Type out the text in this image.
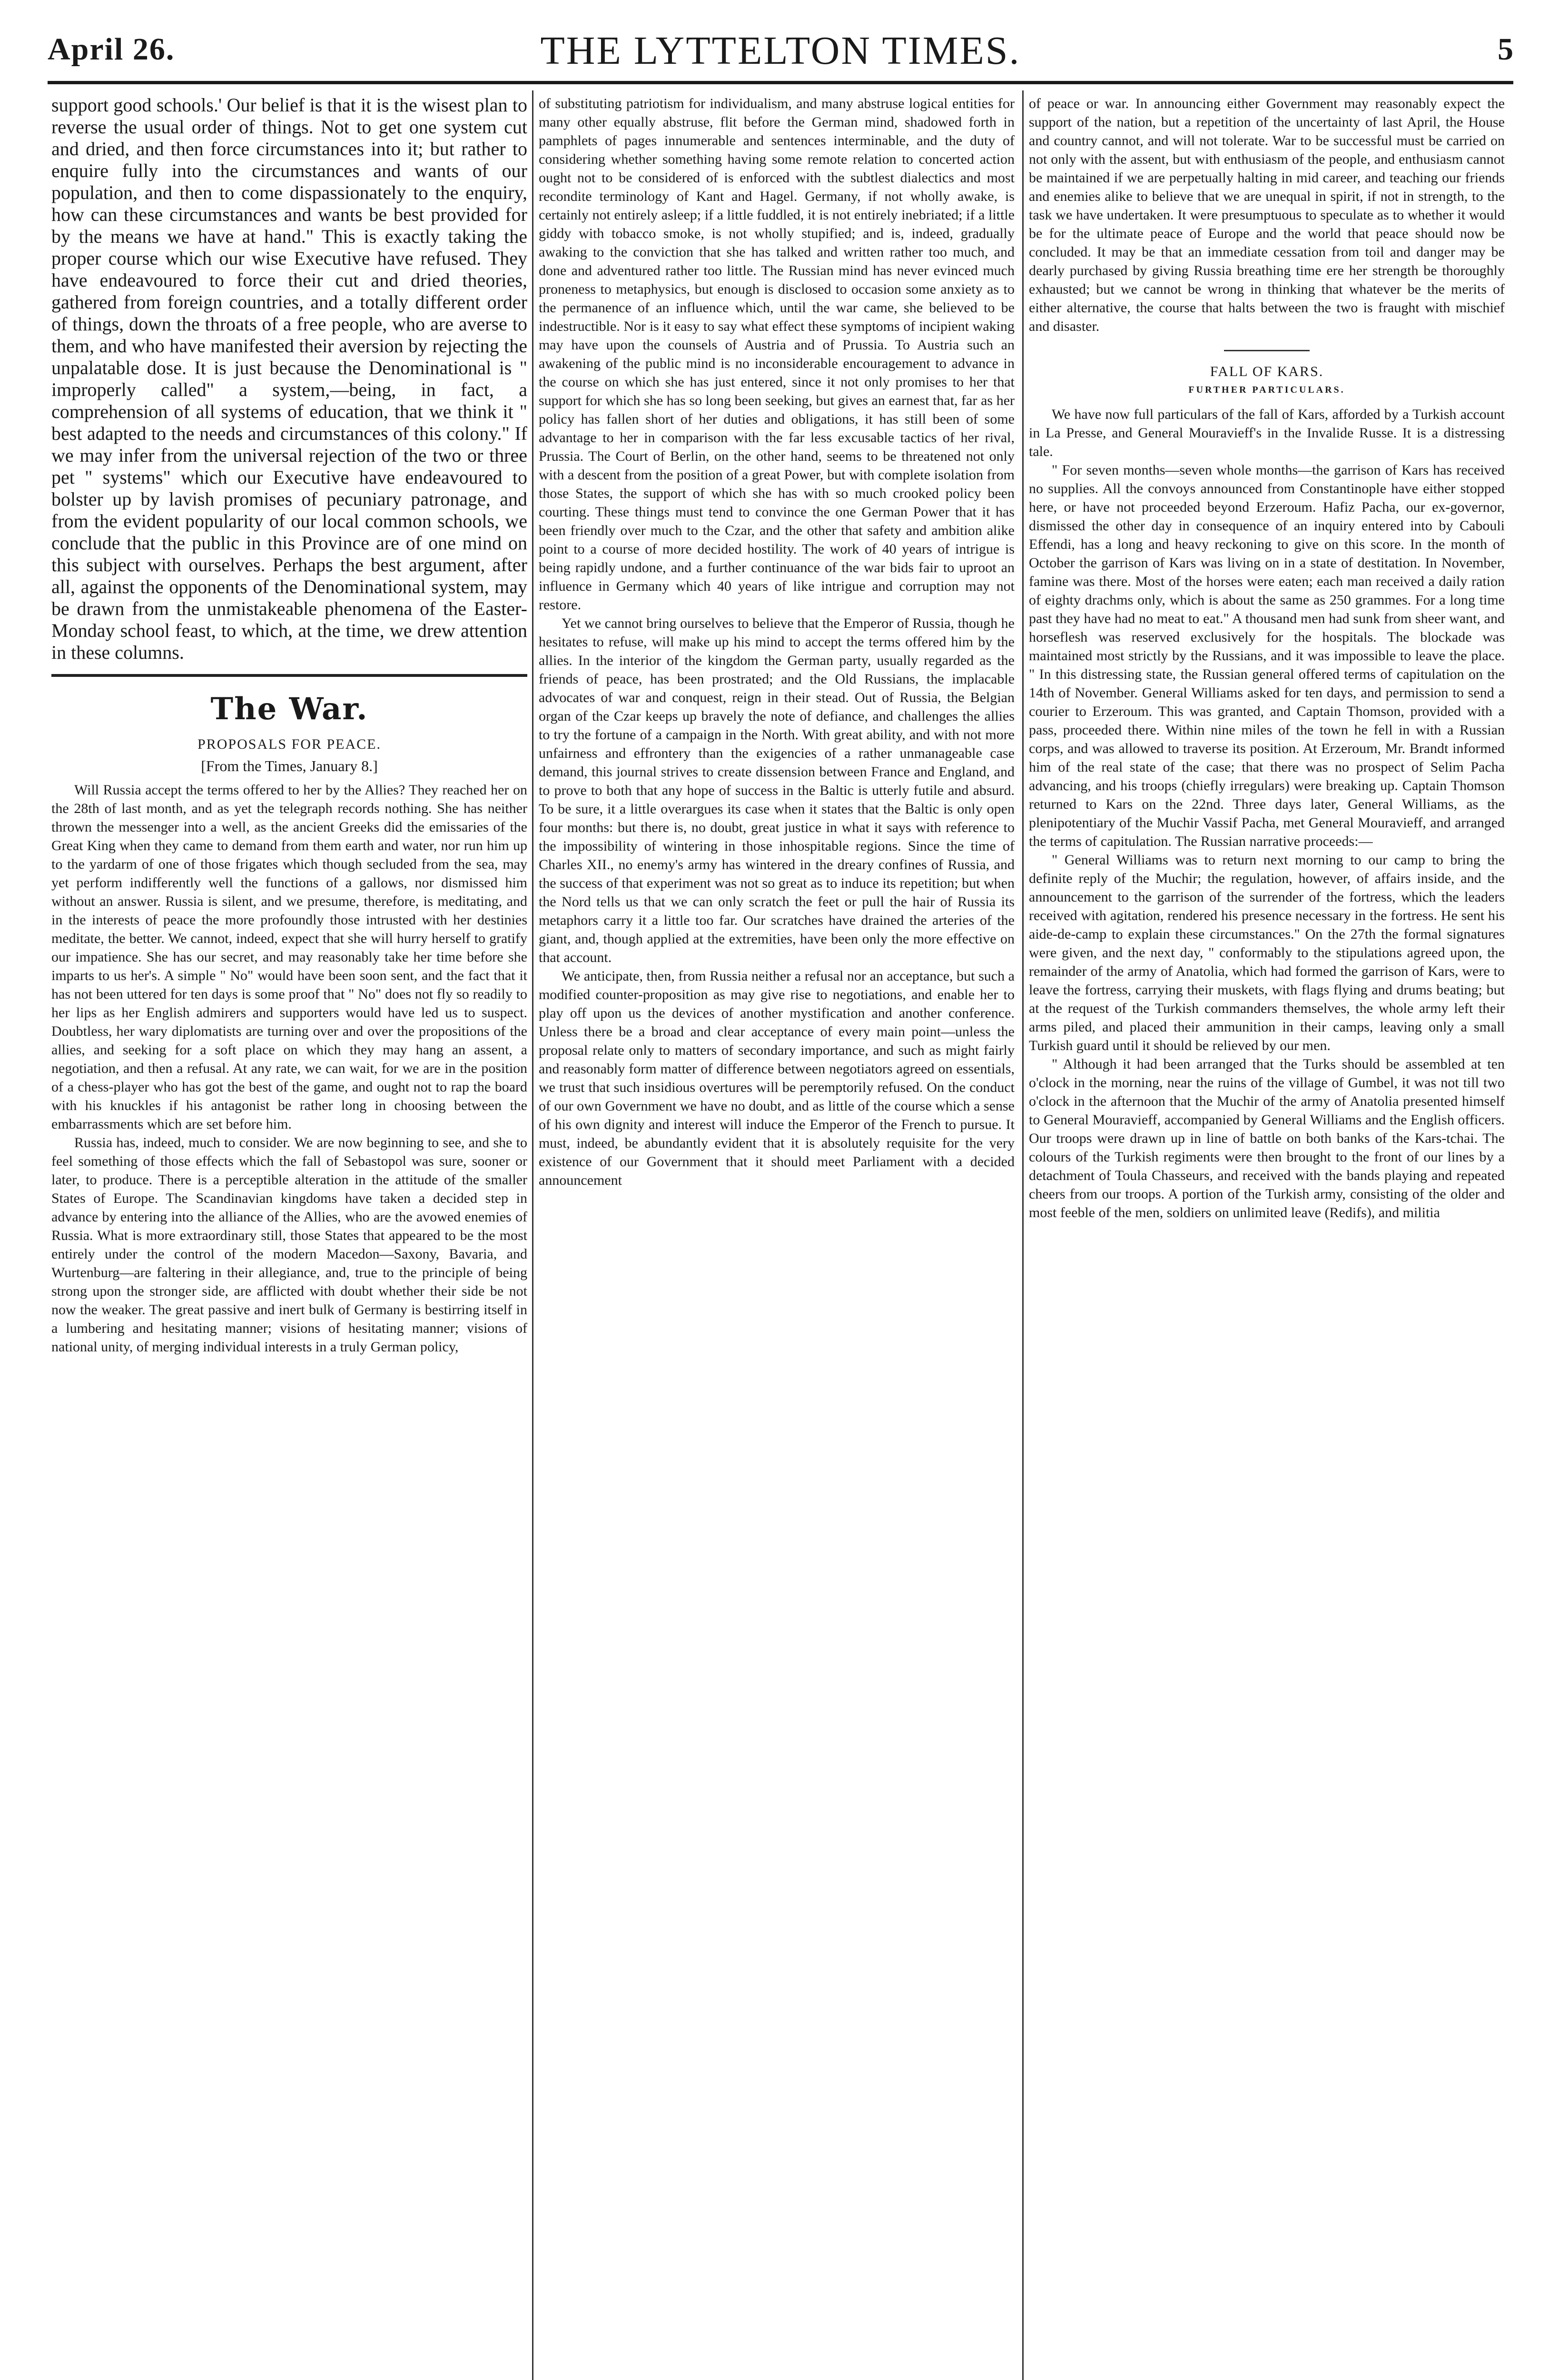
April 26.	THE LYTTELTON TIMES.	5

support good schools.' Our belief is that it is the wisest plan to reverse the usual order of things. Not to get one system cut and dried, and then force circumstances into it; but rather to enquire fully into the circumstances and wants of our population, and then to come dispassionately to the enquiry, how can these circumstances and wants be best provided for by the means we have at hand." This is exactly taking the proper course which our wise Executive have refused. They have endeavoured to force their cut and dried theories, gathered from foreign countries, and a totally different order of things, down the throats of a free people, who are averse to them, and who have manifested their aversion by rejecting the unpalatable dose. It is just because the Denominational is " improperly called" a system,—being, in fact, a comprehension of all systems of education, that we think it " best adapted to the needs and circumstances of this colony." If we may infer from the universal rejection of the two or three pet " systems" which our Executive have endeavoured to bolster up by lavish promises of pecuniary patronage, and from the evident popularity of our local common schools, we conclude that the public in this Province are of one mind on this subject with ourselves. Perhaps the best argument, after all, against the opponents of the Denominational system, may be drawn from the unmistakeable phenomena of the Easter-Monday school feast, to which, at the time, we drew attention in these columns.

The War.
PROPOSALS FOR PEACE.
[From the Times, January 8.]

Will Russia accept the terms offered to her by the Allies? They reached her on the 28th of last month, and as yet the telegraph records nothing. She has neither thrown the messenger into a well, as the ancient Greeks did the emissaries of the Great King when they came to demand from them earth and water, nor run him up to the yardarm of one of those frigates which though secluded from the sea, may yet perform indifferently well the functions of a gallows, nor dismissed him without an answer. Russia is silent, and we presume, therefore, is meditating, and in the interests of peace the more profoundly those intrusted with her destinies meditate, the better. We cannot, indeed, expect that she will hurry herself to gratify our impatience. She has our secret, and may reasonably take her time before she imparts to us her's. A simple " No" would have been soon sent, and the fact that it has not been uttered for ten days is some proof that " No" does not fly so readily to her lips as her English admirers and supporters would have led us to suspect. Doubtless, her wary diplomatists are turning over and over the propositions of the allies, and seeking for a soft place on which they may hang an assent, a negotiation, and then a refusal. At any rate, we can wait, for we are in the position of a chess-player who has got the best of the game, and ought not to rap the board with his knuckles if his antagonist be rather long in choosing between the embarrassments which are set before him.

Russia has, indeed, much to consider. We are now beginning to see, and she to feel something of those effects which the fall of Sebastopol was sure, sooner or later, to produce. There is a perceptible alteration in the attitude of the smaller States of Europe. The Scandinavian kingdoms have taken a decided step in advance by entering into the alliance of the Allies, who are the avowed enemies of Russia. What is more extraordinary still, those States that appeared to be the most entirely under the control of the modern Macedon—Saxony, Bavaria, and Wurtenburg—are faltering in their allegiance, and, true to the principle of being strong upon the stronger side, are afflicted with doubt whether their side be not now the weaker. The great passive and inert bulk of Germany is bestirring itself in a lumbering and hesitating manner; visions of hesitating manner; visions of national unity, of merging individual interests in a truly German policy,

of substituting patriotism for individualism, and many abstruse logical entities for many other equally abstruse, flit before the German mind, shadowed forth in pamphlets of pages innumerable and sentences interminable, and the duty of considering whether something having some remote relation to concerted action ought not to be considered of is enforced with the subtlest dialectics and most recondite terminology of Kant and Hagel. Germany, if not wholly awake, is certainly not entirely asleep; if a little fuddled, it is not entirely inebriated; if a little giddy with tobacco smoke, is not wholly stupified; and is, indeed, gradually awaking to the conviction that she has talked and written rather too much, and done and adventured rather too little. The Russian mind has never evinced much proneness to metaphysics, but enough is disclosed to occasion some anxiety as to the permanence of an influence which, until the war came, she believed to be indestructible. Nor is it easy to say what effect these symptoms of incipient waking may have upon the counsels of Austria and of Prussia. To Austria such an awakening of the public mind is no inconsiderable encouragement to advance in the course on which she has just entered, since it not only promises to her that support for which she has so long been seeking, but gives an earnest that, far as her policy has fallen short of her duties and obligations, it has still been of some advantage to her in comparison with the far less excusable tactics of her rival, Prussia. The Court of Berlin, on the other hand, seems to be threatened not only with a descent from the position of a great Power, but with complete isolation from those States, the support of which she has with so much crooked policy been courting. These things must tend to convince the one German Power that it has been friendly over much to the Czar, and the other that safety and ambition alike point to a course of more decided hostility. The work of 40 years of intrigue is being rapidly undone, and a further continuance of the war bids fair to uproot an influence in Germany which 40 years of like intrigue and corruption may not restore.

Yet we cannot bring ourselves to believe that the Emperor of Russia, though he hesitates to refuse, will make up his mind to accept the terms offered him by the allies. In the interior of the kingdom the German party, usually regarded as the friends of peace, has been prostrated; and the Old Russians, the implacable advocates of war and conquest, reign in their stead. Out of Russia, the Belgian organ of the Czar keeps up bravely the note of defiance, and challenges the allies to try the fortune of a campaign in the North. With great ability, and with not more unfairness and effrontery than the exigencies of a rather unmanageable case demand, this journal strives to create dissension between France and England, and to prove to both that any hope of success in the Baltic is utterly futile and absurd. To be sure, it a little overargues its case when it states that the Baltic is only open four months: but there is, no doubt, great justice in what it says with reference to the impossibility of wintering in those inhospitable regions. Since the time of Charles XII., no enemy's army has wintered in the dreary confines of Russia, and the success of that experiment was not so great as to induce its repetition; but when the Nord tells us that we can only scratch the feet or pull the hair of Russia its metaphors carry it a little too far. Our scratches have drained the arteries of the giant, and, though applied at the extremities, have been only the more effective on that account.

We anticipate, then, from Russia neither a refusal nor an acceptance, but such a modified counter-proposition as may give rise to negotiations, and enable her to play off upon us the devices of another mystification and another conference. Unless there be a broad and clear acceptance of every main point—unless the proposal relate only to matters of secondary importance, and such as might fairly and reasonably form matter of difference between negotiators agreed on essentials, we trust that such insidious overtures will be peremptorily refused. On the conduct of our own Government we have no doubt, and as little of the course which a sense of his own dignity and interest will induce the Emperor of the French to pursue. It must, indeed, be abundantly evident that it is absolutely requisite for the very existence of our Government that it should meet Parliament with a decided announcement

of peace or war. In announcing either Government may reasonably expect the support of the nation, but a repetition of the uncertainty of last April, the House and country cannot, and will not tolerate. War to be successful must be carried on not only with the assent, but with enthusiasm of the people, and enthusiasm cannot be maintained if we are perpetually halting in mid career, and teaching our friends and enemies alike to believe that we are unequal in spirit, if not in strength, to the task we have undertaken. It were presumptuous to speculate as to whether it would be for the ultimate peace of Europe and the world that peace should now be concluded. It may be that an immediate cessation from toil and danger may be dearly purchased by giving Russia breathing time ere her strength be thoroughly exhausted; but we cannot be wrong in thinking that whatever be the merits of either alternative, the course that halts between the two is fraught with mischief and disaster.

FALL OF KARS.
FURTHER PARTICULARS.

We have now full particulars of the fall of Kars, afforded by a Turkish account in La Presse, and General Mouravieff's in the Invalide Russe. It is a distressing tale.

" For seven months—seven whole months—the garrison of Kars has received no supplies. All the convoys announced from Constantinople have either stopped here, or have not proceeded beyond Erzeroum. Hafiz Pacha, our ex-governor, dismissed the other day in consequence of an inquiry entered into by Cabouli Effendi, has a long and heavy reckoning to give on this score. In the month of October the garrison of Kars was living on in a state of destitation. In November, famine was there. Most of the horses were eaten; each man received a daily ration of eighty drachms only, which is about the same as 250 grammes. For a long time past they have had no meat to eat." A thousand men had sunk from sheer want, and horseflesh was reserved exclusively for the hospitals. The blockade was maintained most strictly by the Russians, and it was impossible to leave the place. " In this distressing state, the Russian general offered terms of capitulation on the 14th of November. General Williams asked for ten days, and permission to send a courier to Erzeroum. This was granted, and Captain Thomson, provided with a pass, proceeded there. Within nine miles of the town he fell in with a Russian corps, and was allowed to traverse its position. At Erzeroum, Mr. Brandt informed him of the real state of the case; that there was no prospect of Selim Pacha advancing, and his troops (chiefly irregulars) were breaking up. Captain Thomson returned to Kars on the 22nd. Three days later, General Williams, as the plenipotentiary of the Muchir Vassif Pacha, met General Mouravieff, and arranged the terms of capitulation. The Russian narrative proceeds:—

" General Williams was to return next morning to our camp to bring the definite reply of the Muchir; the regulation, however, of affairs inside, and the announcement to the garrison of the surrender of the fortress, which the leaders received with agitation, rendered his presence necessary in the fortress. He sent his aide-de-camp to explain these circumstances." On the 27th the formal signatures were given, and the next day, " conformably to the stipulations agreed upon, the remainder of the army of Anatolia, which had formed the garrison of Kars, were to leave the fortress, carrying their muskets, with flags flying and drums beating; but at the request of the Turkish commanders themselves, the whole army left their arms piled, and placed their ammunition in their camps, leaving only a small Turkish guard until it should be relieved by our men.

" Although it had been arranged that the Turks should be assembled at ten o'clock in the morning, near the ruins of the village of Gumbel, it was not till two o'clock in the afternoon that the Muchir of the army of Anatolia presented himself to General Mouravieff, accompanied by General Williams and the English officers. Our troops were drawn up in line of battle on both banks of the Kars-tchai. The colours of the Turkish regiments were then brought to the front of our lines by a detachment of Toula Chasseurs, and received with the bands playing and repeated cheers from our troops. A portion of the Turkish army, consisting of the older and most feeble of the men, soldiers on unlimited leave (Redifs), and militia
